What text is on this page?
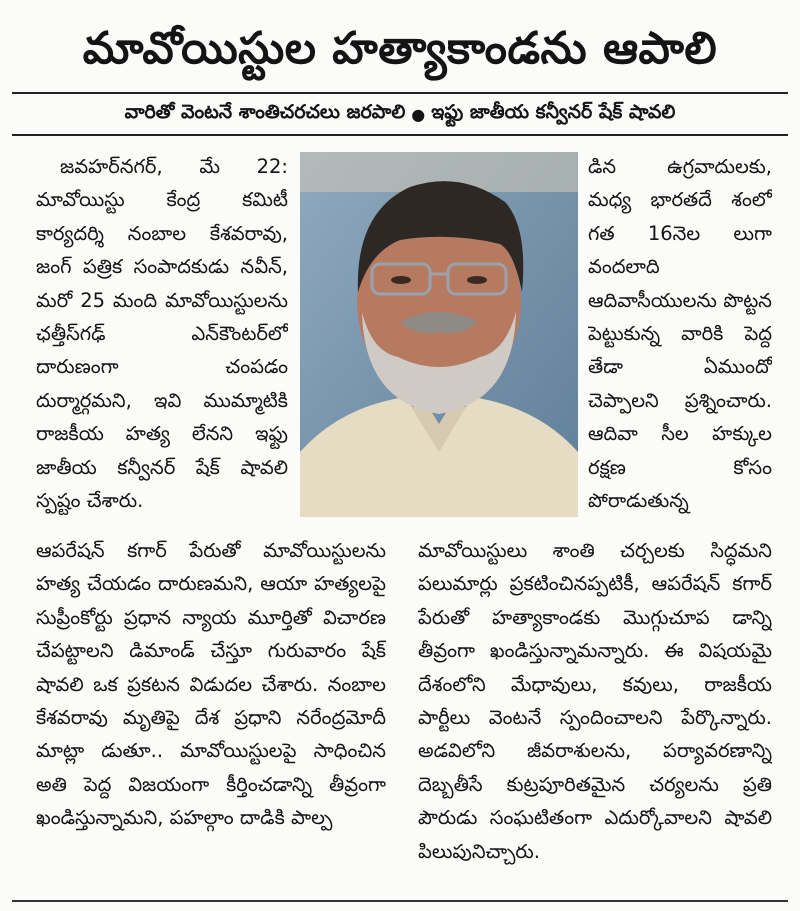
మావోయిస్టుల హత్యాకాండను ఆపాలి
వారితో వెంటనే శాంతిచరచలు జరపాలి ● ఇఫ్టు జాతీయ కన్వీనర్ షేక్ షావలి

జవహర్‌నగర్, మే 22: మావోయిస్టు కేంద్ర కమిటీ కార్యదర్శి నంబాల కేశవరావు, జంగ్ పత్రిక సంపాదకుడు నవీన్, మరో 25 మంది మావోయిస్టులను ఛత్తీస్‌గఢ్ ఎన్‌కౌంటర్‌లో దారుణంగా చంపడం దుర్మార్గమని, ఇవి ముమ్మాటికి రాజకీయ హత్య లేనని ఇఫ్టు జాతీయ కన్వీనర్ షేక్ షావలి స్పష్టం చేశారు.

డిన ఉగ్రవాదులకు, మధ్య భారతదే శంలో గత 16నెల లుగా వందలాది ఆదివాసీయులను పొట్టన పెట్టుకున్న వారికి పెద్ద తేడా ఏముందో చెప్పాలని ప్రశ్నించారు. ఆదివా సీల హక్కుల రక్షణ కోసం పోరాడుతున్న

ఆపరేషన్ కగార్ పేరుతో మావోయిస్టులను హత్య చేయడం దారుణమని, ఆయా హత్యలపై సుప్రీంకోర్టు ప్రధాన న్యాయ మూర్తితో విచారణ చేపట్టాలని డిమాండ్ చేస్తూ గురువారం షేక్ షావలి ఒక ప్రకటన విడుదల చేశారు. నంబాల కేశవరావు మృతిపై దేశ ప్రధాని నరేంద్రమోదీ మాట్లా డుతూ.. మావోయిస్టులపై సాధించిన అతి పెద్ద విజయంగా కీర్తించడాన్ని తీవ్రంగా ఖండిస్తున్నామని, పహల్గాం దాడికి పాల్ప

మావోయిస్టులు శాంతి చర్చలకు సిద్ధమని పలుమార్లు ప్రకటించినప్పటికీ, ఆపరేషన్ కగార్ పేరుతో హత్యాకాండకు మొగ్గుచూప డాన్ని తీవ్రంగా ఖండిస్తున్నామన్నారు. ఈ విషయమై దేశంలోని మేధావులు, కవులు, రాజకీయ పార్టీలు వెంటనే స్పందించాలని పేర్కొన్నారు. అడవిలోని జీవరాశులను, పర్యావరణాన్ని దెబ్బతీసే కుట్రపూరితమైన చర్యలను ప్రతి పౌరుడు సంఘటితంగా ఎదుర్కోవాలని షావలి పిలుపునిచ్చారు.
